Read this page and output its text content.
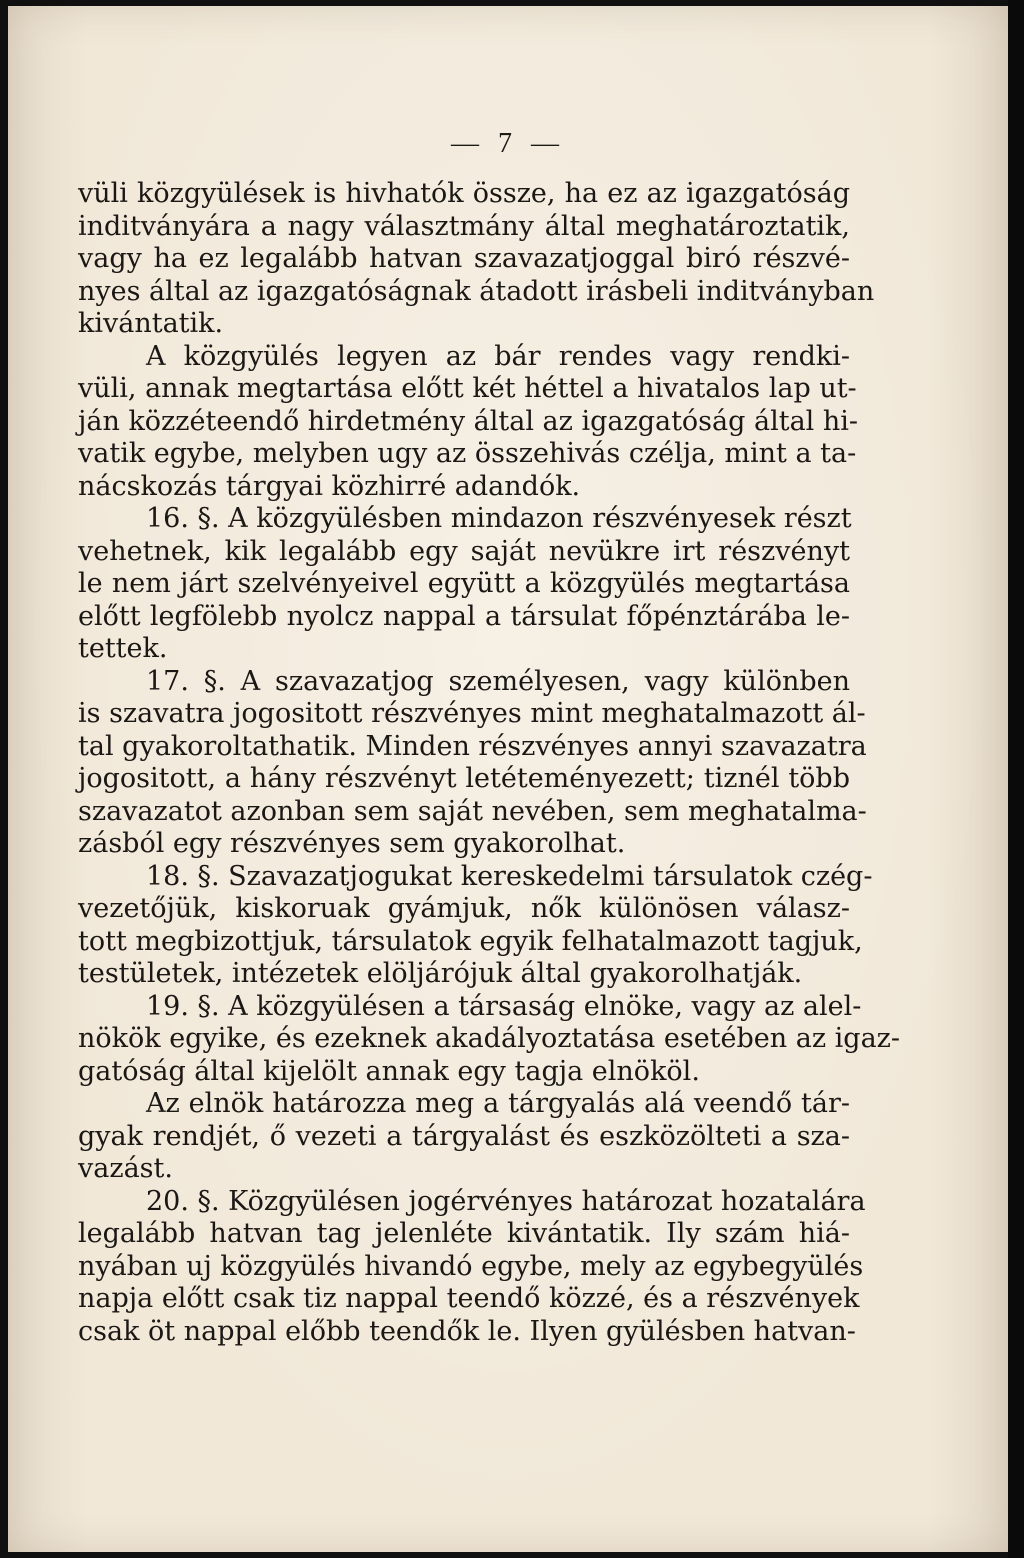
— 7 —

vüli közgyülések is hivhatók össze, ha ez az igazgatóság
inditványára a nagy választmány által meghatároztatik,
vagy ha ez legalább hatvan szavazatjoggal biró részvé-
nyes által az igazgatóságnak átadott irásbeli inditványban
kivántatik.
A közgyülés legyen az bár rendes vagy rendki-
vüli, annak megtartása előtt két héttel a hivatalos lap ut-
ján közzéteendő hirdetmény által az igazgatóság által hi-
vatik egybe, melyben ugy az összehivás czélja, mint a ta-
nácskozás tárgyai közhirré adandók.
16. §. A közgyülésben mindazon részvényesek részt
vehetnek, kik legalább egy saját nevükre irt részvényt
le nem járt szelvényeivel együtt a közgyülés megtartása
előtt legfölebb nyolcz nappal a társulat főpénztárába le-
tettek.
17. §. A szavazatjog személyesen, vagy különben
is szavatra jogositott részvényes mint meghatalmazott ál-
tal gyakoroltathatik. Minden részvényes annyi szavazatra
jogositott, a hány részvényt letéteményezett; tiznél több
szavazatot azonban sem saját nevében, sem meghatalma-
zásból egy részvényes sem gyakorolhat.
18. §. Szavazatjogukat kereskedelmi társulatok czég-
vezetőjük, kiskoruak gyámjuk, nők különösen válasz-
tott megbizottjuk, társulatok egyik felhatalmazott tagjuk,
testületek, intézetek elöljárójuk által gyakorolhatják.
19. §. A közgyülésen a társaság elnöke, vagy az alel-
nökök egyike, és ezeknek akadályoztatása esetében az igaz-
gatóság által kijelölt annak egy tagja elnököl.
Az elnök határozza meg a tárgyalás alá veendő tár-
gyak rendjét, ő vezeti a tárgyalást és eszközölteti a sza-
vazást.
20. §. Közgyülésen jogérvényes határozat hozatalára
legalább hatvan tag jelenléte kivántatik. Ily szám hiá-
nyában uj közgyülés hivandó egybe, mely az egybegyülés
napja előtt csak tiz nappal teendő közzé, és a részvények
csak öt nappal előbb teendők le. Ilyen gyülésben hatvan-
